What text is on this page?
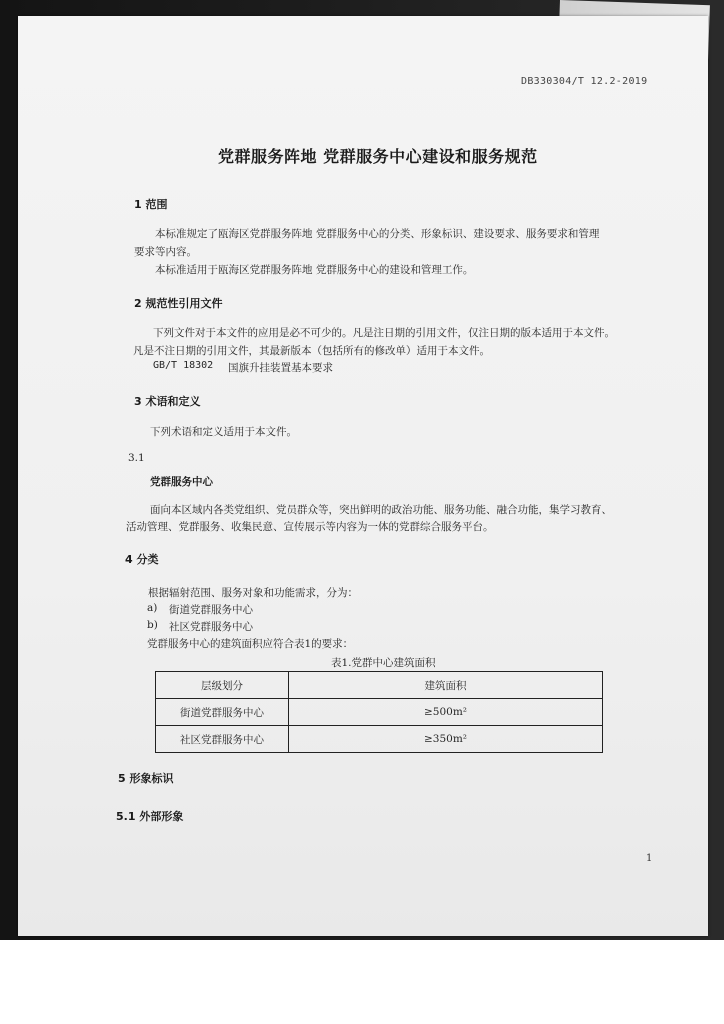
DB330304/T 12.2-2019
党群服务阵地 党群服务中心建设和服务规范
1 范围
本标准规定了瓯海区党群服务阵地 党群服务中心的分类、形象标识、建设要求、服务要求和管理
要求等内容。
本标准适用于瓯海区党群服务阵地 党群服务中心的建设和管理工作。
2 规范性引用文件
下列文件对于本文件的应用是必不可少的。凡是注日期的引用文件，仅注日期的版本适用于本文件。
凡是不注日期的引用文件，其最新版本（包括所有的修改单）适用于本文件。
GB/T 18302 国旗升挂装置基本要求
3 术语和定义
下列术语和定义适用于本文件。
3.1
党群服务中心
面向本区域内各类党组织、党员群众等，突出鲜明的政治功能、服务功能、融合功能，集学习教育、
活动管理、党群服务、收集民意、宣传展示等内容为一体的党群综合服务平台。
4 分类
根据辐射范围、服务对象和功能需求，分为：
a) 街道党群服务中心
b) 社区党群服务中心
党群服务中心的建筑面积应符合表1的要求：
表1.党群中心建筑面积
层级划分	建筑面积
街道党群服务中心	≥500m²
社区党群服务中心	≥350m²
5 形象标识
5.1 外部形象
1
